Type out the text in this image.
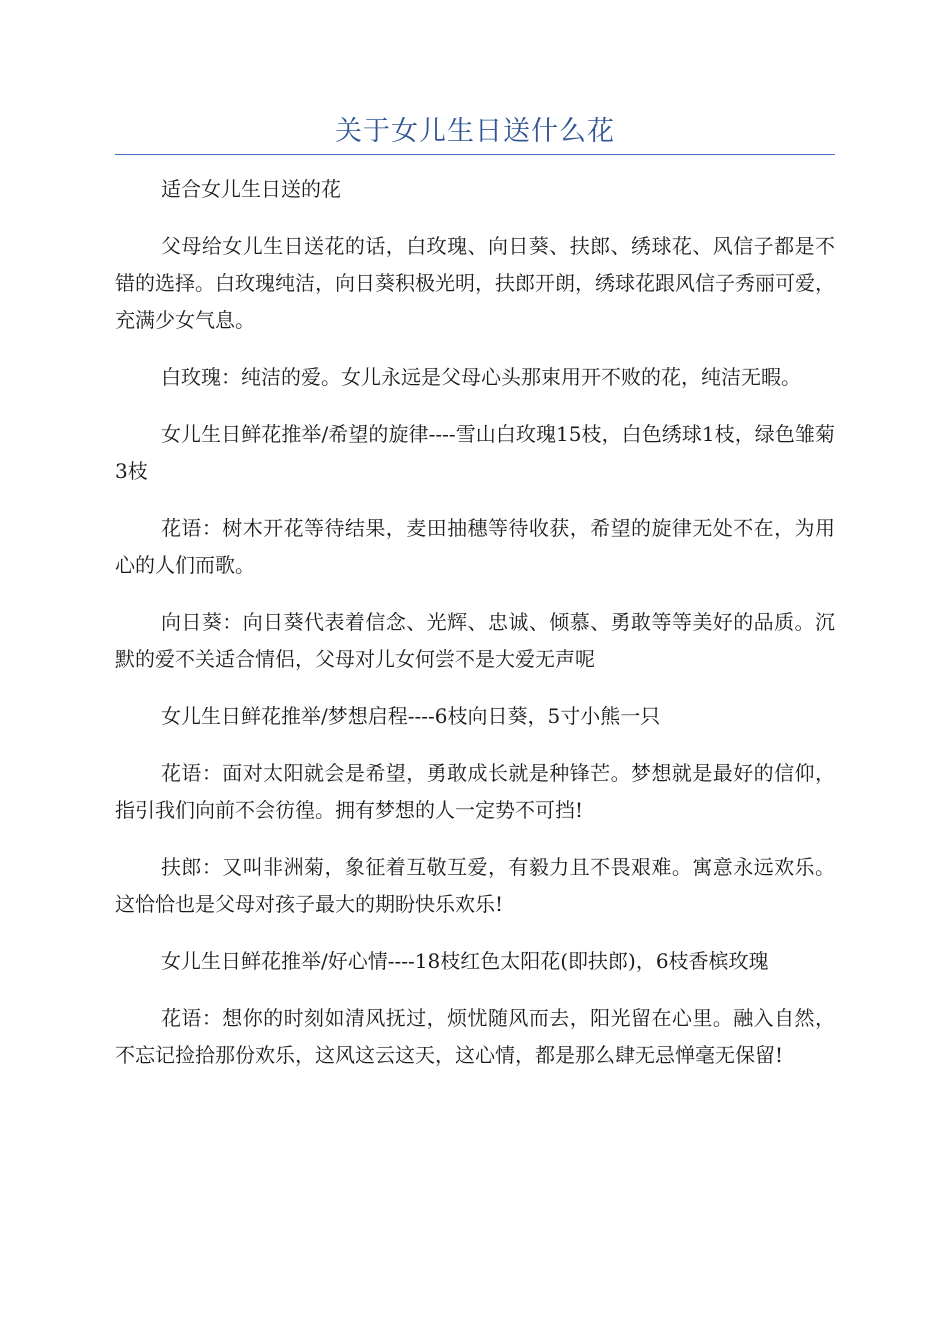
关于女儿生日送什么花

适合女儿生日送的花

父母给女儿生日送花的话，白玫瑰、向日葵、扶郎、绣球花、风信子都是不错的选择。白玫瑰纯洁，向日葵积极光明，扶郎开朗，绣球花跟风信子秀丽可爱，充满少女气息。

白玫瑰：纯洁的爱。女儿永远是父母心头那束用开不败的花，纯洁无暇。

女儿生日鲜花推举/希望的旋律----雪山白玫瑰15枝，白色绣球1枝，绿色雏菊3枝

花语：树木开花等待结果，麦田抽穗等待收获，希望的旋律无处不在，为用心的人们而歌。

向日葵：向日葵代表着信念、光辉、忠诚、倾慕、勇敢等等美好的品质。沉默的爱不关适合情侣，父母对儿女何尝不是大爱无声呢

女儿生日鲜花推举/梦想启程----6枝向日葵，5寸小熊一只

花语：面对太阳就会是希望，勇敢成长就是种锋芒。梦想就是最好的信仰，指引我们向前不会彷徨。拥有梦想的人一定势不可挡!

扶郎：又叫非洲菊，象征着互敬互爱，有毅力且不畏艰难。寓意永远欢乐。这恰恰也是父母对孩子最大的期盼快乐欢乐!

女儿生日鲜花推举/好心情----18枝红色太阳花(即扶郎)，6枝香槟玫瑰

花语：想你的时刻如清风抚过，烦忧随风而去，阳光留在心里。融入自然，不忘记捡拾那份欢乐，这风这云这天，这心情，都是那么肆无忌惮毫无保留!
